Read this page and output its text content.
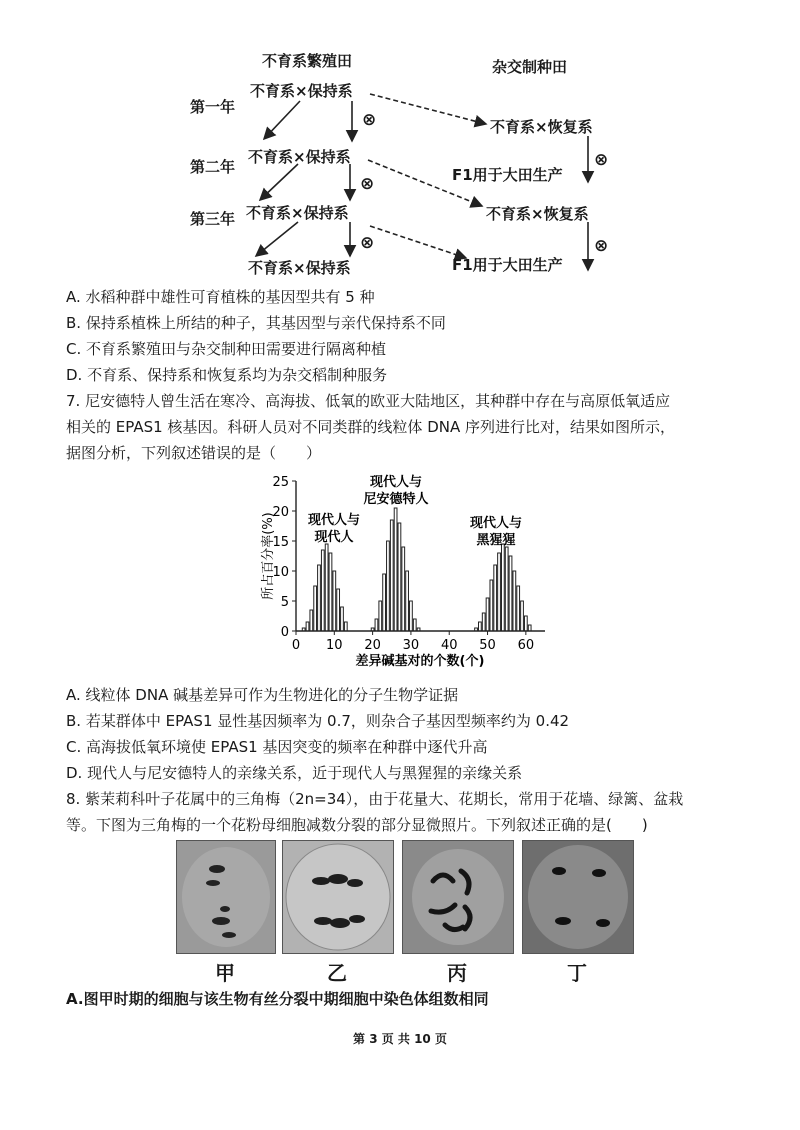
不育系繁殖田	杂交制种田
第一年
第二年
第三年
不育系×保持系
不育系×保持系
不育系×保持系
不育系×保持系
⊗
⊗
⊗
⊗
⊗
不育系×恢复系
不育系×恢复系
F1用于大田生产
F1用于大田生产
A. 水稻种群中雄性可育植株的基因型共有 5 种
B. 保持系植株上所结的种子，其基因型与亲代保持系不同
C. 不育系繁殖田与杂交制种田需要进行隔离种植
D. 不育系、保持系和恢复系均为杂交稻制种服务
7. 尼安德特人曾生活在寒冷、高海拔、低氧的欧亚大陆地区，其种群中存在与高原低氧适应
相关的 EPAS1 核基因。科研人员对不同类群的线粒体 DNA 序列进行比对，结果如图所示，
据图分析，下列叙述错误的是（　　）
0 10 20 30 40 50 60
0
5
10
15
20
25
所占百分率(%)
差异碱基对的个数(个)
现代人与
现代人
现代人与
尼安德特人
现代人与
黑猩猩
A. 线粒体 DNA 碱基差异可作为生物进化的分子生物学证据
B. 若某群体中 EPAS1 显性基因频率为 0.7，则杂合子基因型频率约为 0.42
C. 高海拔低氧环境使 EPAS1 基因突变的频率在种群中逐代升高
D. 现代人与尼安德特人的亲缘关系，近于现代人与黑猩猩的亲缘关系
8. 紫茉莉科叶子花属中的三角梅（2n=34），由于花量大、花期长，常用于花墙、绿篱、盆栽
等。下图为三角梅的一个花粉母细胞减数分裂的部分显微照片。下列叙述正确的是(　　)
甲	乙	丙	丁
A.图甲时期的细胞与该生物有丝分裂中期细胞中染色体组数相同
第 3 页 共 10 页
